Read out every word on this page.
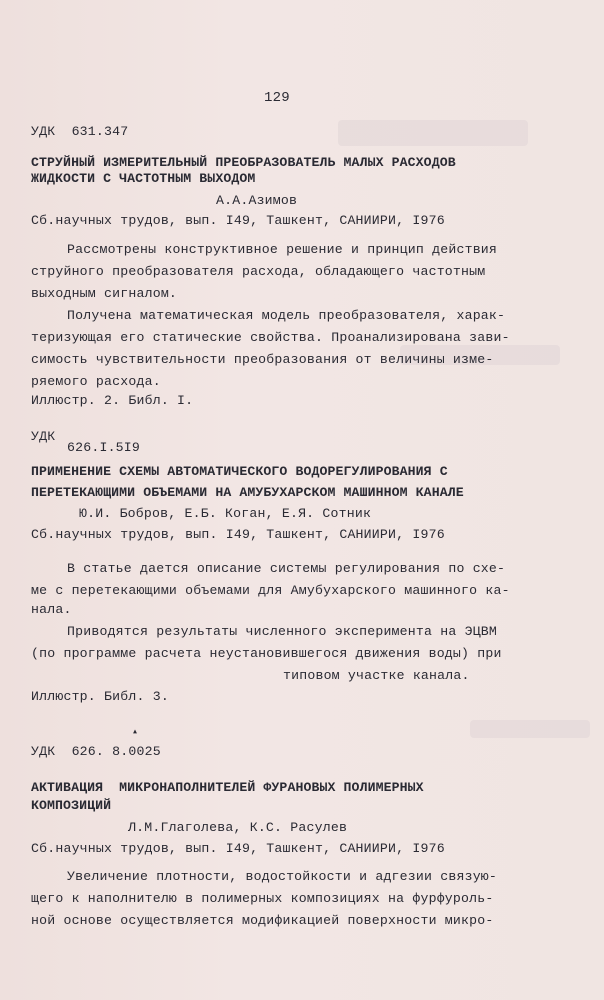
129
УДК  631.347
СТРУЙНЫЙ ИЗМЕРИТЕЛЬНЫЙ ПРЕОБРАЗОВАТЕЛЬ МАЛЫХ РАСХОДОВ
ЖИДКОСТИ С ЧАСТОТНЫМ ВЫХОДОМ
А.А.Азимов
Сб.научных трудов, вып. I49, Ташкент, САНИИРИ, I976
Рассмотрены конструктивное решение и принцип действия
струйного преобразователя расхода, обладающего частотным
выходным сигналом.
Получена математическая модель преобразователя, харак-
теризующая его статические свойства. Проанализирована зави-
симость чувствительности преобразования от величины изме-
ряемого расхода.
Иллюстр. 2. Библ. I.
УДК
626.I.5I9
ПРИМЕНЕНИЕ СХЕМЫ АВТОМАТИЧЕСКОГО ВОДОРЕГУЛИРОВАНИЯ С
ПЕРЕТЕКАЮЩИМИ ОБЪЕМАМИ НА АМУБУХАРСКОМ МАШИННОМ КАНАЛЕ
Ю.И. Бобров, Е.Б. Коган, Е.Я. Сотник
Сб.научных трудов, вып. I49, Ташкент, САНИИРИ, I976
В статье дается описание системы регулирования по схе-
ме с перетекающими объемами для Амубухарского машинного ка-
нала.
Приводятся результаты численного эксперимента на ЭЦВМ
(по программе расчета неустановившегося движения воды) при
типовом участке канала.
Иллюстр. Библ. 3.
▴
УДК  626. 8.0025
АКТИВАЦИЯ  МИКРОНАПОЛНИТЕЛЕЙ ФУРАНОВЫХ ПОЛИМЕРНЫХ
КОМПОЗИЦИЙ
Л.М.Глаголева, К.С. Расулев
Сб.научных трудов, вып. I49, Ташкент, САНИИРИ, I976
Увеличение плотности, водостойкости и адгезии связую-
щего к наполнителю в полимерных композициях на фурфуроль-
ной основе осуществляется модификацией поверхности микро-
